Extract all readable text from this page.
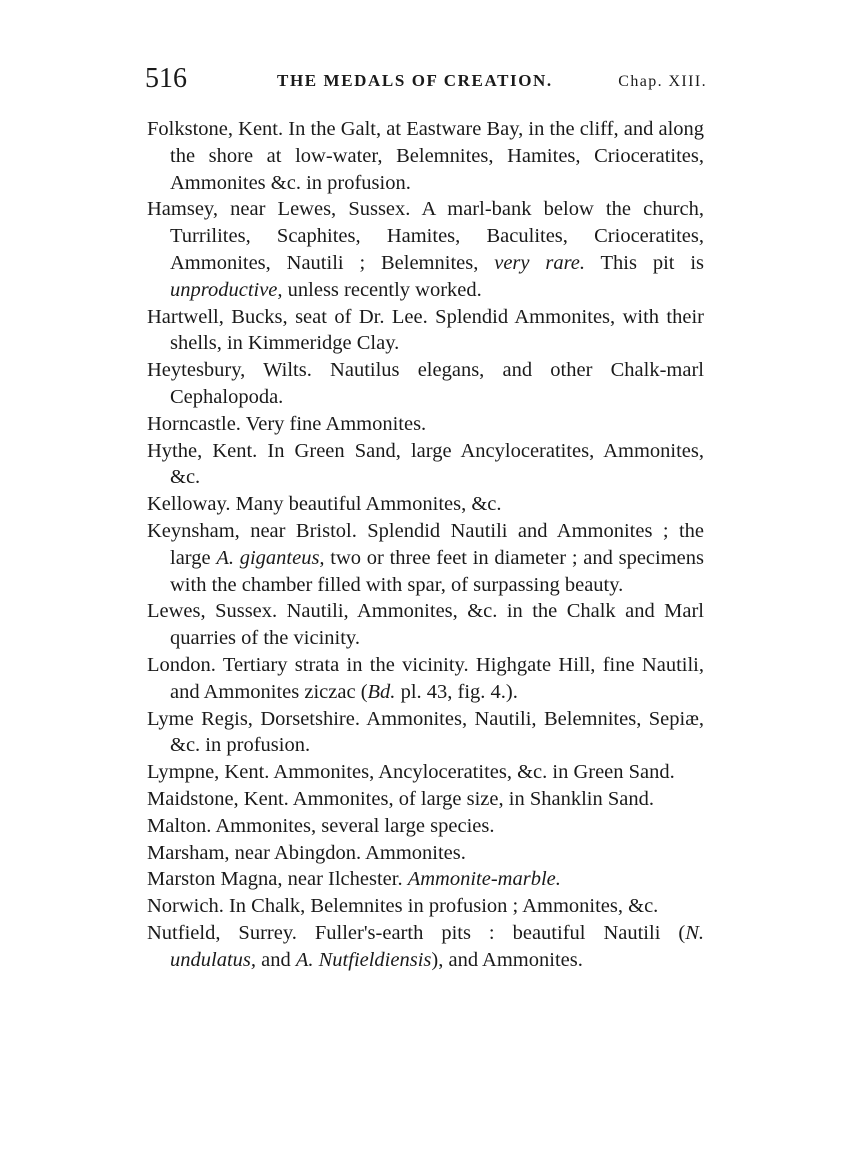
516	THE MEDALS OF CREATION.	Chap. XIII.

Folkstone, Kent. In the Galt, at Eastware Bay, in the cliff, and along the shore at low-water, Belemnites, Hamites, Crioceratites, Ammonites &c. in profusion.

Hamsey, near Lewes, Sussex. A marl-bank below the church, Turrilites, Scaphites, Hamites, Baculites, Crioceratites, Ammonites, Nautili ; Belemnites, very rare. This pit is unproductive, unless recently worked.

Hartwell, Bucks, seat of Dr. Lee. Splendid Ammonites, with their shells, in Kimmeridge Clay.

Heytesbury, Wilts. Nautilus elegans, and other Chalk-marl Cephalopoda.

Horncastle. Very fine Ammonites.

Hythe, Kent. In Green Sand, large Ancyloceratites, Ammonites, &c.

Kelloway. Many beautiful Ammonites, &c.

Keynsham, near Bristol. Splendid Nautili and Ammonites ; the large A. giganteus, two or three feet in diameter ; and specimens with the chamber filled with spar, of surpassing beauty.

Lewes, Sussex. Nautili, Ammonites, &c. in the Chalk and Marl quarries of the vicinity.

London. Tertiary strata in the vicinity. Highgate Hill, fine Nautili, and Ammonites ziczac (Bd. pl. 43, fig. 4.).

Lyme Regis, Dorsetshire. Ammonites, Nautili, Belemnites, Sepiæ, &c. in profusion.

Lympne, Kent. Ammonites, Ancyloceratites, &c. in Green Sand.

Maidstone, Kent. Ammonites, of large size, in Shanklin Sand.

Malton. Ammonites, several large species.

Marsham, near Abingdon. Ammonites.

Marston Magna, near Ilchester. Ammonite-marble.

Norwich. In Chalk, Belemnites in profusion ; Ammonites, &c.

Nutfield, Surrey. Fuller's-earth pits : beautiful Nautili (N. undulatus, and A. Nutfieldiensis), and Ammonites.
